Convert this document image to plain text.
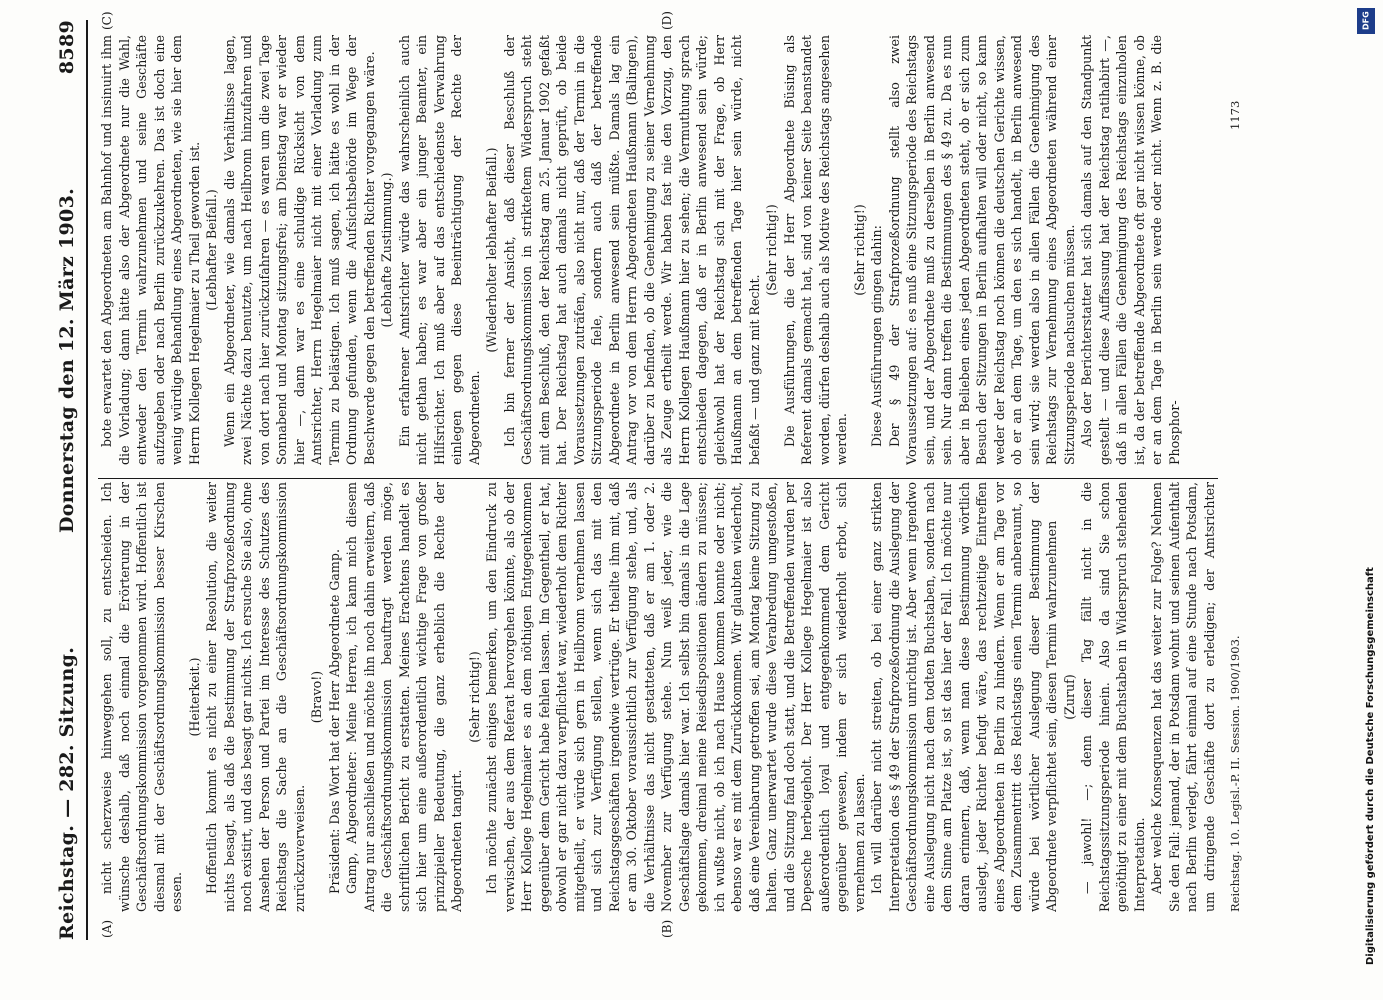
Reichstag. — 282. Sitzung.
Donnerstag den 12. März 1903.
8589
(A)	(B)
(C)	(D)

nicht scherzweise hinweggehen soll, zu entscheiden. Ich wünsche deshalb, daß noch einmal die Erörterung in der Geschäftsordnungskommission vorgenommen wird. Hoffentlich ist diesmal mit der Geschäftsordnungskommission besser Kirschen essen.

(Heiterkeit.) Hoffentlich kommt es nicht zu einer Resolution, die weiter nichts besagt, als daß die Bestimmung der Strafprozeßordnung noch existirt, und das besagt gar nichts. Ich ersuche Sie also, ohne Ansehen der Person und Partei im Interesse des Schutzes des Reichstags die Sache an die Geschäftsordnungskommission zurückzuverweisen.

(Bravo!) Präsident: Das Wort hat der Herr Abgeordnete Gamp. Gamp, Abgeordneter: Meine Herren, ich kann mich diesem Antrag nur anschließen und möchte ihn noch dahin erweitern, daß die Geschäftsordnungskommission beauftragt werden möge, schriftlichen Bericht zu erstatten. Meines Erachtens handelt es sich hier um eine außerordentlich wichtige Frage von großer prinzipieller Bedeutung, die ganz erheblich die Rechte der Abgeordneten tangirt.

(Sehr richtig!) Ich möchte zunächst einiges bemerken, um den Eindruck zu verwischen, der aus dem Referat hervorgehen könnte, als ob der Herr Kollege Hegelmaier es an dem nöthigen Entgegenkommen gegenüber dem Gericht habe fehlen lassen. Im Gegentheil, er hat, obwohl er gar nicht dazu verpflichtet war, wiederholt dem Richter mitgetheilt, er würde sich gern in Heilbronn vernehmen lassen und sich zur Verfügung stellen, wenn sich das mit den Reichstagsgeschäften irgendwie vertrüge. Er theilte ihm mit, daß er am 30. Oktober voraussichtlich zur Verfügung stehe, und, als die Verhältnisse das nicht gestatteten, daß er am 1. oder 2. November zur Verfügung stehe. Nun weiß jeder, wie die Geschäftslage damals hier war. Ich selbst bin damals in die Lage gekommen, dreimal meine Reisedispositionen ändern zu müssen; ich wußte nicht, ob ich nach Hause kommen konnte oder nicht; ebenso war es mit dem Zurückkommen. Wir glaubten wiederholt, daß eine Vereinbarung getroffen sei, am Montag keine Sitzung zu halten. Ganz unerwartet wurde diese Verabredung umgestoßen, und die Sitzung fand doch statt, und die Betreffenden wurden per Depesche herbeigeholt. Der Herr Kollege Hegelmaier ist also außerordentlich loyal und entgegenkommend dem Gericht gegenüber gewesen, indem er sich wiederholt erbot, sich vernehmen zu lassen. Ich will darüber nicht streiten, ob bei einer ganz strikten Interpretation des § 49 der Strafprozeßordnung die Auslegung der Geschäftsordnungskommission unrichtig ist. Aber wenn irgendwo eine Auslegung nicht nach dem todten Buchstaben, sondern nach dem Sinne am Platze ist, so ist das hier der Fall. Ich möchte nur daran erinnern, daß, wenn man diese Bestimmung wörtlich auslegt, jeder Richter befugt wäre, das rechtzeitige Eintreffen eines Abgeordneten in Berlin zu hindern. Wenn er am Tage vor dem Zusammentritt des Reichstags einen Termin anberaumt, so würde bei wörtlicher Auslegung dieser Bestimmung der Abgeordnete verpflichtet sein, diesen Termin wahrzunehmen (Zuruf) — jawohl! —; denn dieser Tag fällt nicht in die Reichstagssitzungsperiode hinein. Also da sind Sie schon genöthigt zu einer mit dem Buchstaben in Widerspruch stehenden Interpretation. Aber welche Konsequenzen hat das weiter zur Folge? Nehmen Sie den Fall: jemand, der in Potsdam wohnt und seinen Aufenthalt nach Berlin verlegt, fährt einmal auf eine Stunde nach Potsdam, um dringende Geschäfte dort zu erledigen; der Amtsrichter

bote erwartet den Abgeordneten am Bahnhof und insinuirt ihm die Vorladung; dann hätte also der Abgeordnete nur die Wahl, entweder den Termin wahrzunehmen und seine Geschäfte aufzugeben oder nach Berlin zurückzukehren. Das ist doch eine wenig würdige Behandlung eines Abgeordneten, wie sie hier dem Herrn Kollegen Hegelmaier zu Theil geworden ist. (Lebhafter Beifall.) Wenn ein Abgeordneter, wie damals die Verhältnisse lagen, zwei Nächte dazu benutzte, um nach Heilbronn hinzufahren und von dort nach hier zurückzufahren — es waren um die zwei Tage Sonnabend und Montag sitzungsfrei; am Dienstag war er wieder hier —, dann war es eine schuldige Rücksicht von dem Amtsrichter, Herrn Hegelmaier nicht mit einer Vorladung zum Termin zu belästigen. Ich muß sagen, ich hätte es wohl in der Ordnung gefunden, wenn die Aufsichtsbehörde im Wege der Beschwerde gegen den betreffenden Richter vorgegangen wäre. (Lebhafte Zustimmung.) Ein erfahrener Amtsrichter würde das wahrscheinlich auch nicht gethan haben; es war aber ein junger Beamter, ein Hilfsrichter. Ich muß aber auf das entschiedenste Verwahrung einlegen gegen diese Beeinträchtigung der Rechte der Abgeordneten.

(Wiederholter lebhafter Beifall.) Ich bin ferner der Ansicht, daß dieser Beschluß der Geschäftsordnungskommission in strikteſtem Widerspruch steht mit dem Beschluß, den der Reichstag am 25. Januar 1902 gefaßt hat. Der Reichstag hat auch damals nicht geprüft, ob beide Voraussetzungen zuträfen, also nicht nur, daß der Termin in die Sitzungsperiode fiele, sondern auch daß der betreffende Abgeordnete in Berlin anwesend sein müßte. Damals lag ein Antrag vor von dem Herrn Abgeordneten Haußmann (Balingen), darüber zu befinden, ob die Genehmigung zu seiner Vernehmung als Zeuge ertheilt werde. Wir haben fast nie den Vorzug, den Herrn Kollegen Haußmann hier zu sehen; die Vermuthung sprach entschieden dagegen, daß er in Berlin anwesend sein würde; gleichwohl hat der Reichstag sich mit der Frage, ob Herr Haußmann an dem betreffenden Tage hier sein würde, nicht befaßt — und ganz mit Recht.

(Sehr richtig!) Die Ausführungen, die der Herr Abgeordnete Büsing als Referent damals gemacht hat, sind von keiner Seite beanstandet worden, dürfen deshalb auch als Motive des Reichstags angesehen werden.

(Sehr richtig!) Diese Ausführungen gingen dahin: Der § 49 der Strafprozeßordnung stellt also zwei Voraussetzungen auf: es muß eine Sitzungsperiode des Reichstags sein, und der Abgeordnete muß zu derselben in Berlin anwesend sein. Nur dann treffen die Bestimmungen des § 49 zu. Da es nun aber in Belieben eines jeden Abgeordneten steht, ob er sich zum Besuch der Sitzungen in Berlin aufhalten will oder nicht, so kann weder der Reichstag noch können die deutschen Gerichte wissen, ob er an dem Tage, um den es sich handelt, in Berlin anwesend sein wird; sie werden also in allen Fällen die Genehmigung des Reichstags zur Vernehmung eines Abgeordneten während einer Sitzungsperiode nachsuchen müssen. Also der Berichterstatter hat sich damals auf den Standpunkt gestellt — und diese Auffassung hat der Reichstag ratihabirt —, daß in allen Fällen die Genehmigung des Reichstags einzuholen ist, da der betreffende Abgeordnete oft gar nicht wissen könne, ob er an dem Tage in Berlin sein werde oder nicht. Wenn z. B. die Phosphor-

Reichstag. 10. Legisl.-P. II. Session. 1900/1903.
1173
DFG
Digitalisierung gefördert durch die Deutsche Forschungsgemeinschaft
